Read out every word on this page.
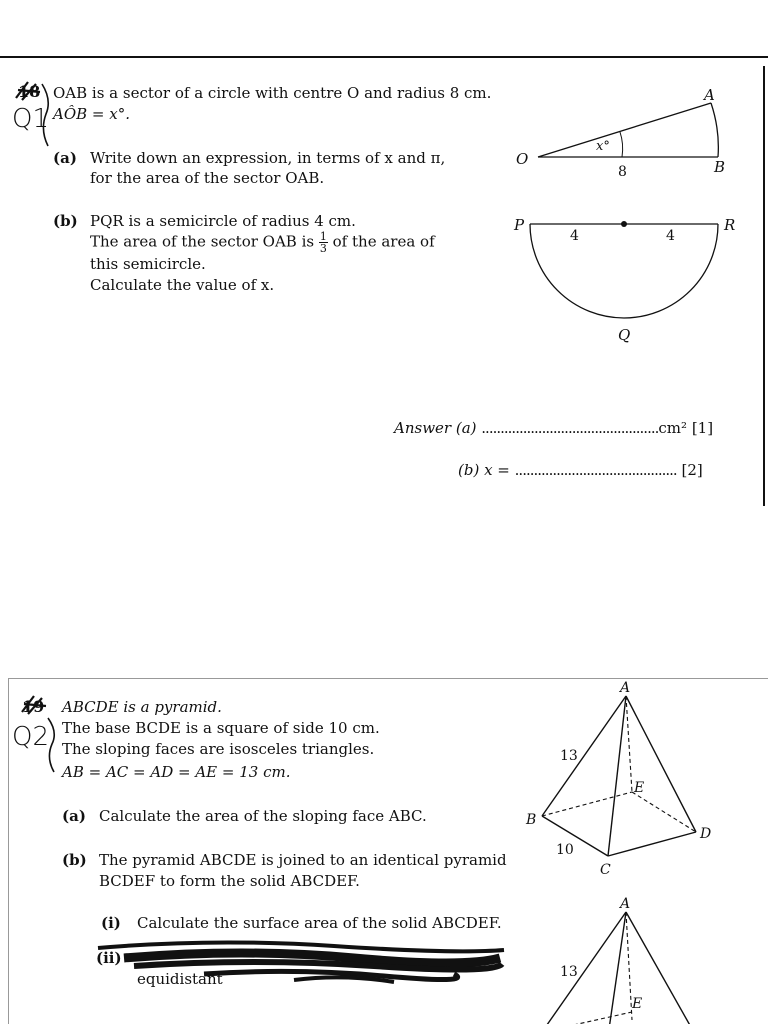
18
Q1
OAB is a sector of a circle with centre O and radius 8 cm.
AÔB = x°.
(a) Write down an expression, in terms of x and π,
for the area of the sector OAB.
(b) PQR is a semicircle of radius 4 cm.
The area of the sector OAB is $\frac{1}{3}$ of the area of
this semicircle.
Calculate the value of x.
O
A
B
x°
8
P	R
Q
4	4
Answer (a) ...............................................cm² [1]
(b) x = ........................................... [2]
19
Q2
ABCDE is a pyramid.
The base BCDE is a square of side 10 cm.
The sloping faces are isosceles triangles.
AB = AC = AD = AE = 13 cm.
(a) Calculate the area of the sloping face ABC.
(b) The pyramid ABCDE is joined to an identical pyramid
BCDEF to form the solid ABCDEF.
(i) Calculate the surface area of the solid ABCDEF.
(ii)
equidistant
A
B
C
D
E
13
10
A
E
13
